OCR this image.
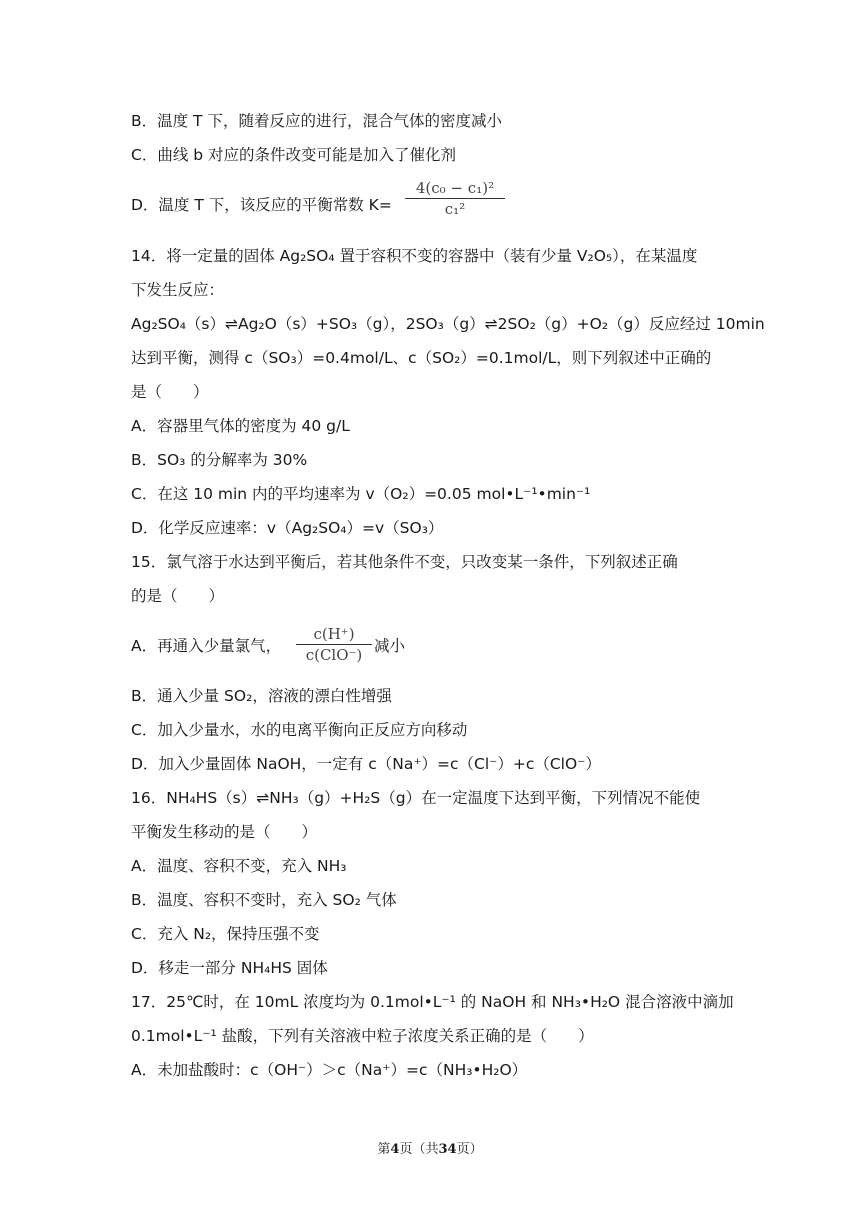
B．温度 T 下，随着反应的进行，混合气体的密度减小
C．曲线 b 对应的条件改变可能是加入了催化剂
D．温度 T 下，该反应的平衡常数 K=
4(c₀ − c₁)²
c₁²
14．将一定量的固体 Ag₂SO₄ 置于容积不变的容器中（装有少量 V₂O₅），在某温度
下发生反应：
Ag₂SO₄（s）⇌Ag₂O（s）+SO₃（g），2SO₃（g）⇌2SO₂（g）+O₂（g）反应经过 10min
达到平衡，测得 c（SO₃）=0.4mol/L、c（SO₂）=0.1mol/L，则下列叙述中正确的
是（　　）
A．容器里气体的密度为 40 g/L
B．SO₃ 的分解率为 30%
C．在这 10 min 内的平均速率为 v（O₂）=0.05 mol•L⁻¹•min⁻¹
D．化学反应速率：v（Ag₂SO₄）=v（SO₃）
15．氯气溶于水达到平衡后，若其他条件不变，只改变某一条件，下列叙述正确
的是（　　）
A．再通入少量氯气，
c(H⁺)
c(ClO⁻) 减小
B．通入少量 SO₂，溶液的漂白性增强
C．加入少量水，水的电离平衡向正反应方向移动
D．加入少量固体 NaOH，一定有 c（Na⁺）=c（Cl⁻）+c（ClO⁻）
16．NH₄HS（s）⇌NH₃（g）+H₂S（g）在一定温度下达到平衡，下列情况不能使
平衡发生移动的是（　　）
A．温度、容积不变，充入 NH₃
B．温度、容积不变时，充入 SO₂ 气体
C．充入 N₂，保持压强不变
D．移走一部分 NH₄HS 固体
17．25℃时，在 10mL 浓度均为 0.1mol•L⁻¹ 的 NaOH 和 NH₃•H₂O 混合溶液中滴加
0.1mol•L⁻¹ 盐酸，下列有关溶液中粒子浓度关系正确的是（　　）
A．未加盐酸时：c（OH⁻）＞c（Na⁺）=c（NH₃•H₂O）
第4页（共34页）
